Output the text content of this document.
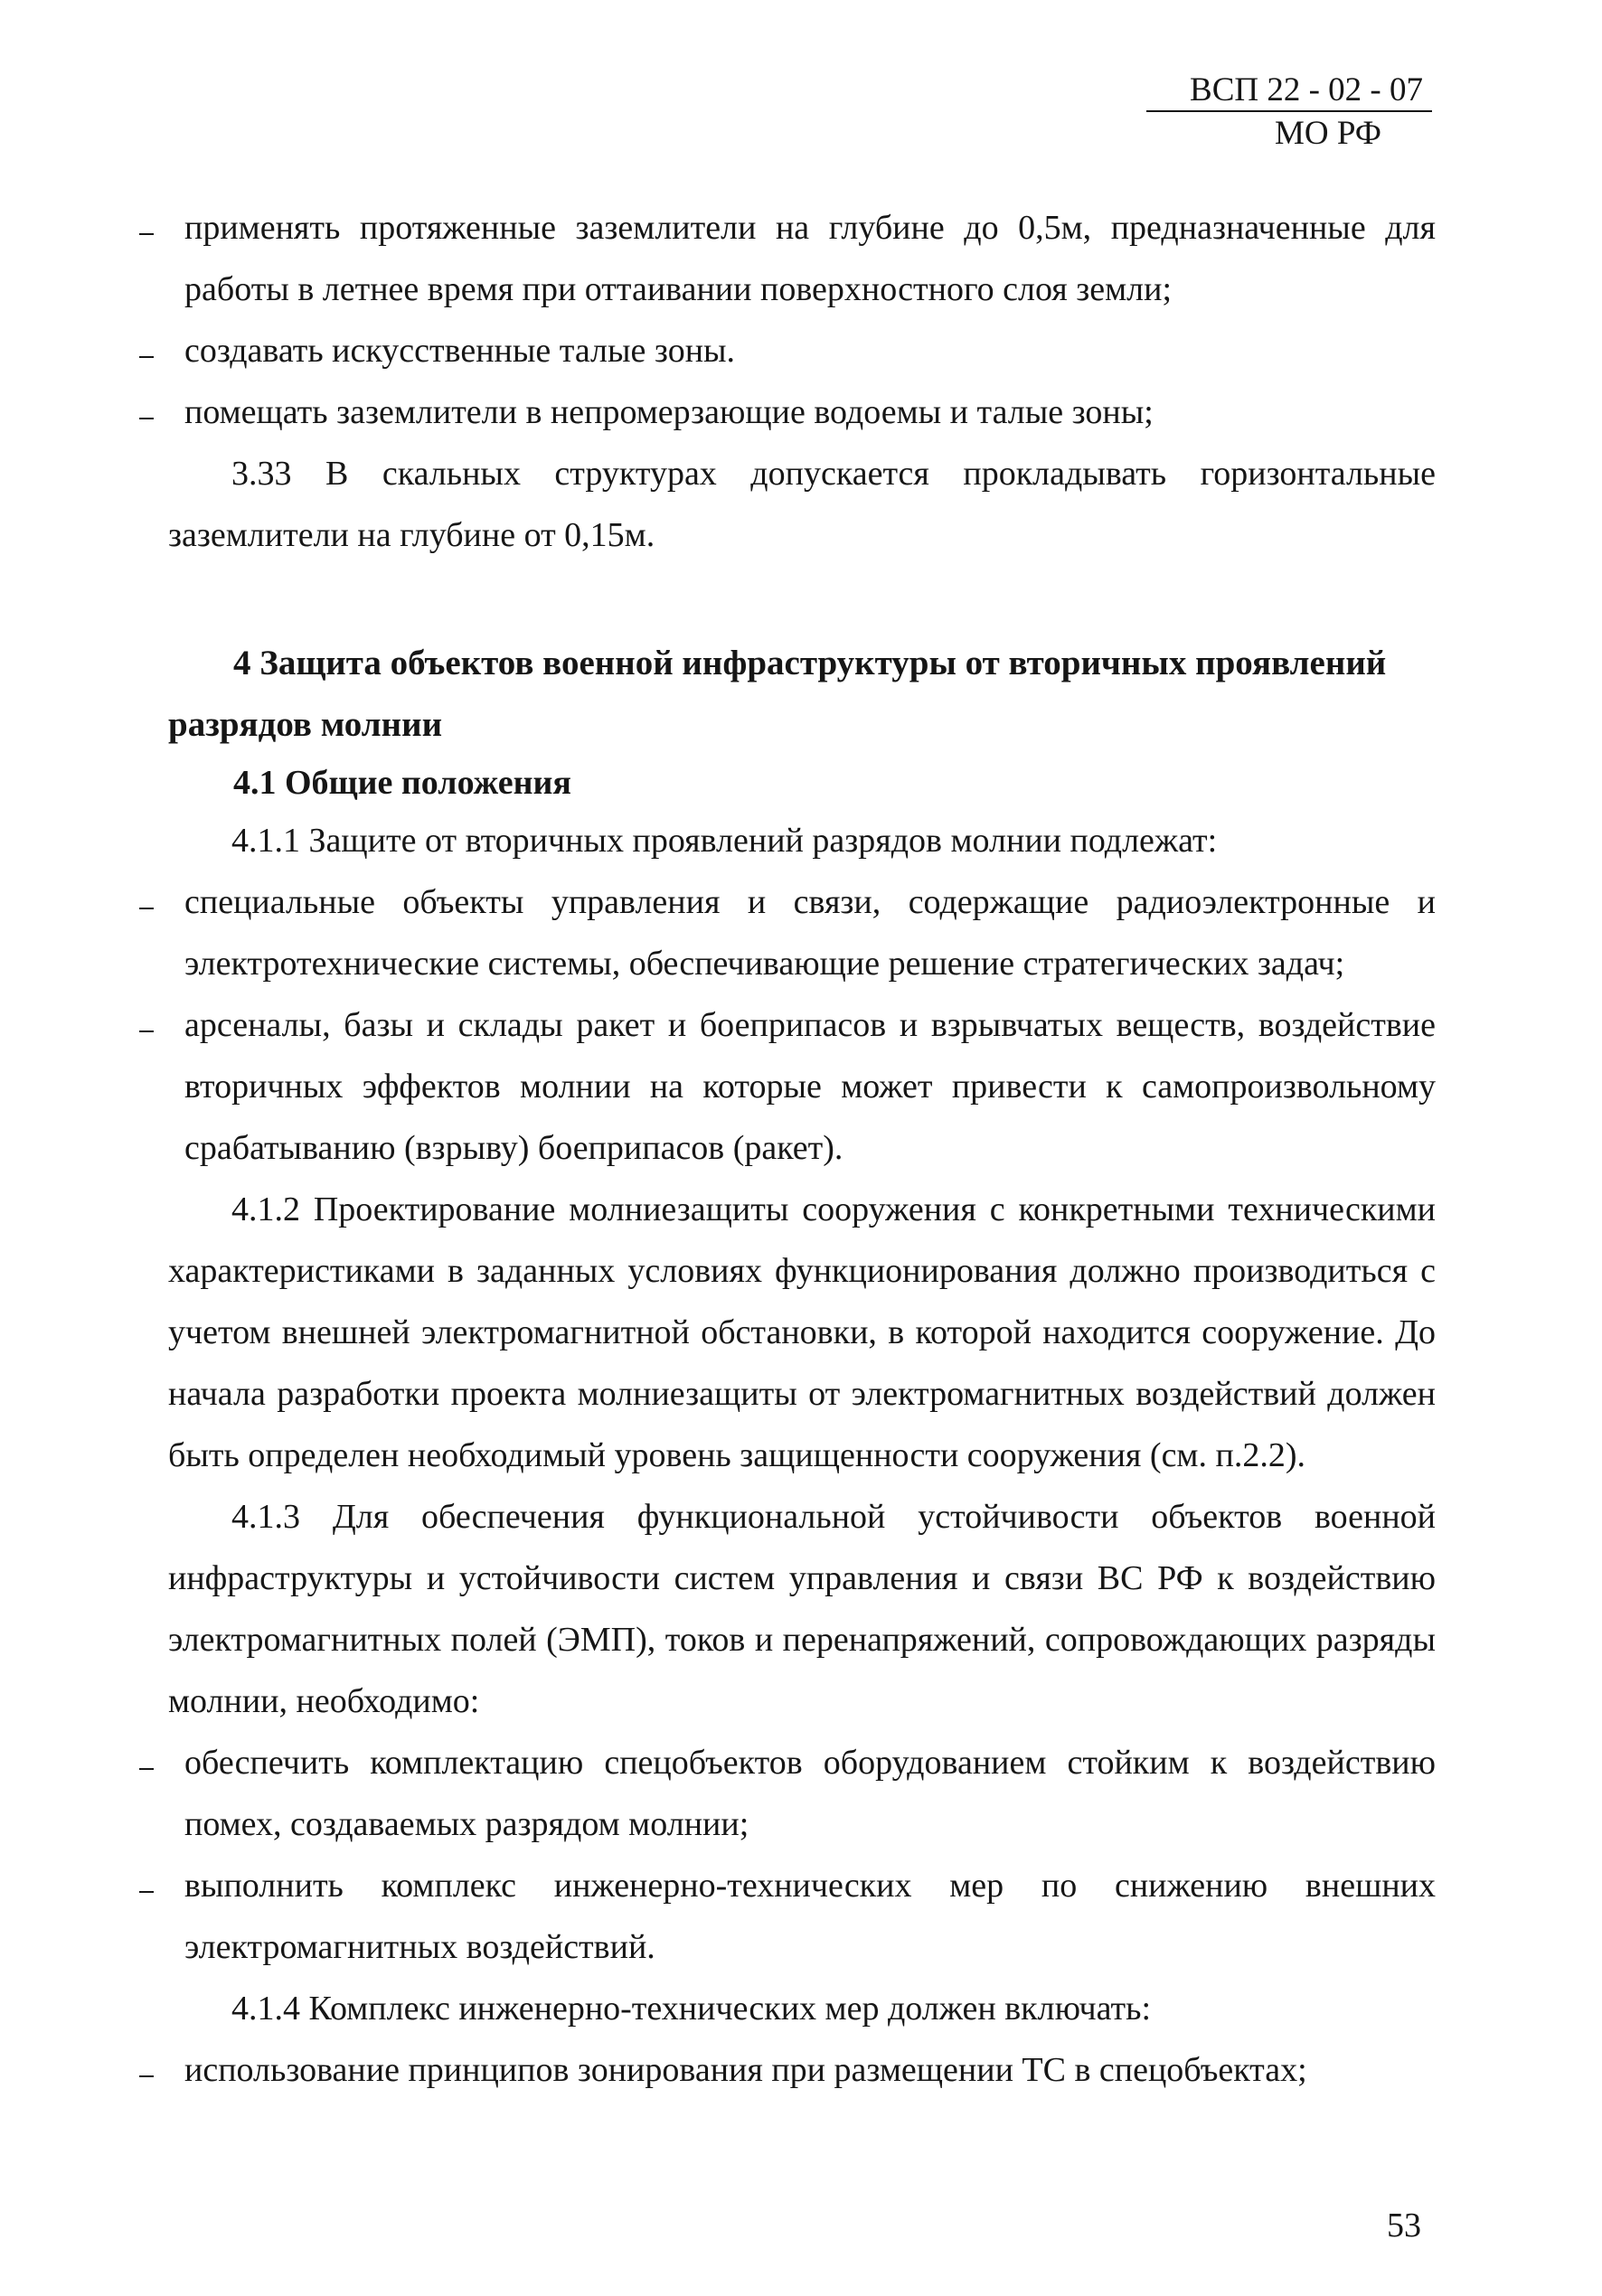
ВСП 22 - 02 - 07
МО РФ
применять протяженные заземлители на глубине до 0,5м, предназначенные для работы в летнее время при оттаивании поверхностного слоя земли;
создавать искусственные талые зоны.
помещать заземлители в непромерзающие водоемы и талые зоны;

3.33 В скальных структурах допускается прокладывать горизонтальные заземлители на глубине от 0,15м.

4 Защита объектов военной инфраструктуры от вторичных проявлений разрядов молнии

4.1 Общие положения

4.1.1 Защите от вторичных проявлений разрядов молнии подлежат:

специальные объекты управления и связи, содержащие радиоэлектронные и электротехнические системы, обеспечивающие решение стратегических задач;
арсеналы, базы и склады ракет и боеприпасов и взрывчатых веществ, воздействие вторичных эффектов молнии на которые может привести к самопроизвольному срабатыванию (взрыву) боеприпасов (ракет).

4.1.2 Проектирование молниезащиты сооружения с конкретными техническими характеристиками в заданных условиях функционирования должно производиться с учетом внешней электромагнитной обстановки, в которой находится сооружение. До начала разработки проекта молниезащиты от электромагнитных воздействий должен быть определен необходимый уровень защищенности сооружения (см. п.2.2).

4.1.3 Для обеспечения функциональной устойчивости объектов военной инфраструктуры и устойчивости систем управления и связи ВС РФ к воздействию электромагнитных полей (ЭМП), токов и перенапряжений, сопровождающих разряды молнии, необходимо:

обеспечить комплектацию спецобъектов оборудованием стойким к воздействию помех, создаваемых разрядом молнии;
выполнить комплекс инженерно-технических мер по снижению внешних электромагнитных воздействий.

4.1.4 Комплекс инженерно-технических мер должен включать:

использование принципов зонирования при размещении ТС в спецобъектах;
53
